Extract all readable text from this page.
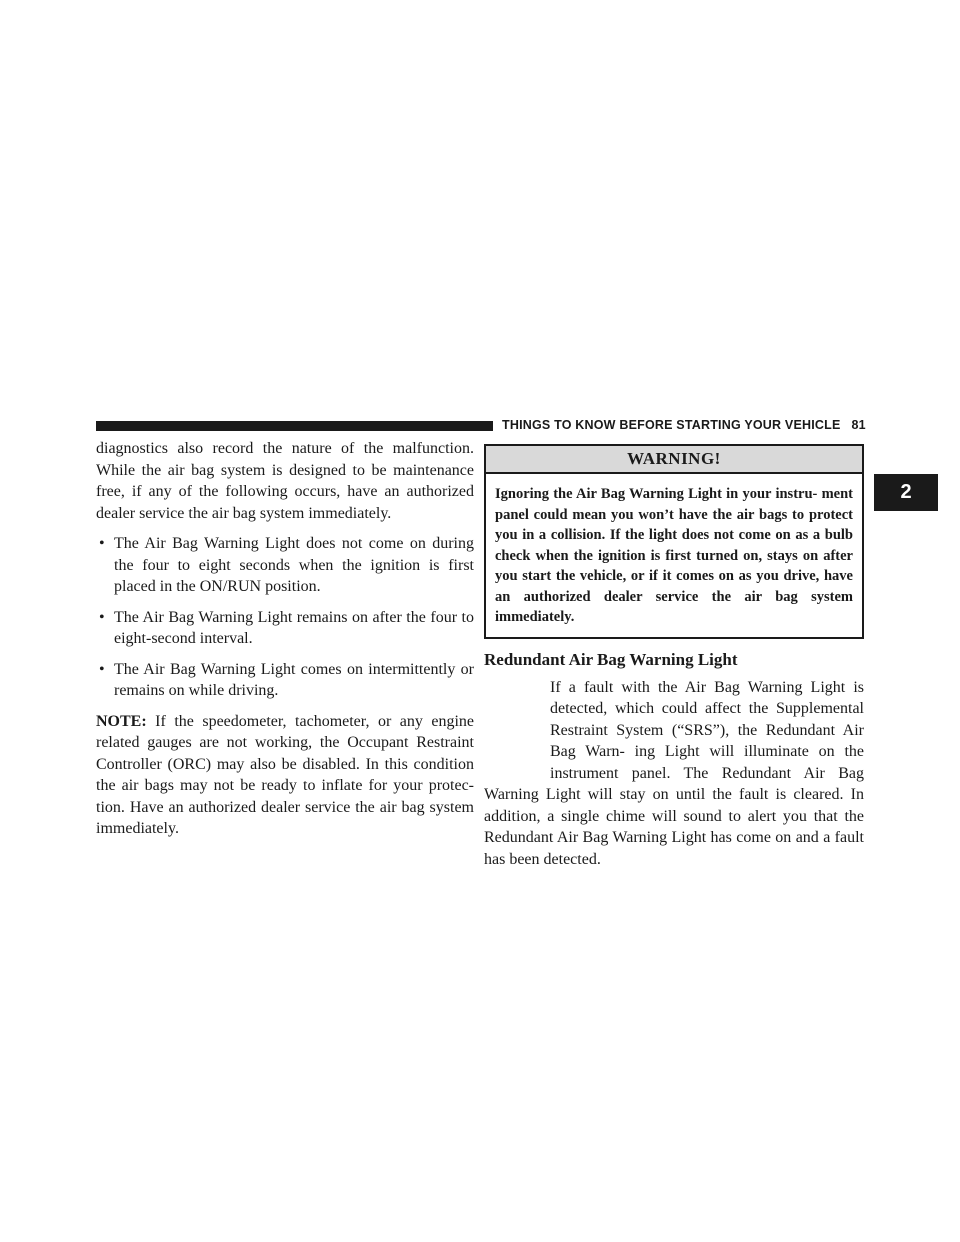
THINGS TO KNOW BEFORE STARTING YOUR VEHICLE 81
2

diagnostics also record the nature of the malfunction. While the air bag system is designed to be maintenance free, if any of the following occurs, have an authorized dealer service the air bag system immediately.

• The Air Bag Warning Light does not come on during the four to eight seconds when the ignition is first placed in the ON/RUN position.
• The Air Bag Warning Light remains on after the four to eight-second interval.
• The Air Bag Warning Light comes on intermittently or remains on while driving.

NOTE: If the speedometer, tachometer, or any engine related gauges are not working, the Occupant Restraint Controller (ORC) may also be disabled. In this condition the air bags may not be ready to inflate for your protec- tion. Have an authorized dealer service the air bag system immediately.

WARNING!
Ignoring the Air Bag Warning Light in your instru- ment panel could mean you won’t have the air bags to protect you in a collision. If the light does not come on as a bulb check when the ignition is first turned on, stays on after you start the vehicle, or if it comes on as you drive, have an authorized dealer service the air bag system immediately.
Redundant Air Bag Warning Light

If a fault with the Air Bag Warning Light is detected, which could affect the Supplemental Restraint System (“SRS”), the Redundant Air Bag Warn- ing Light will illuminate on the instrument panel. The Redundant Air Bag Warning Light will stay on until the fault is cleared. In addition, a single chime will sound to alert you that the Redundant Air Bag Warning Light has come on and a fault has been detected.
